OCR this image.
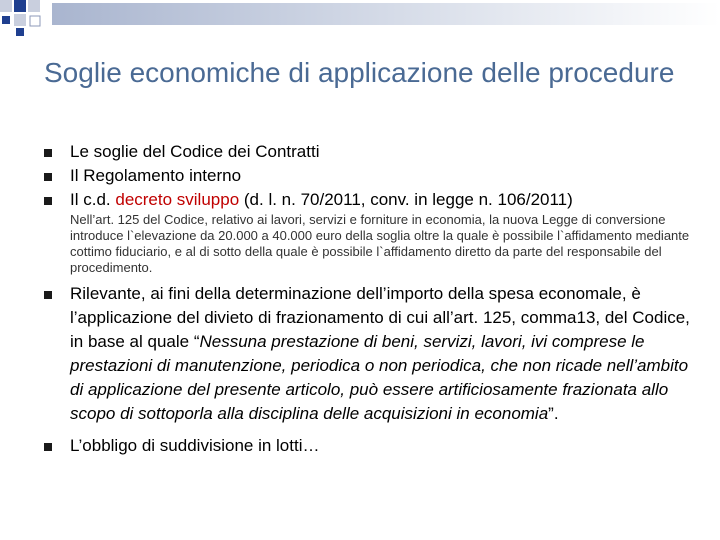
Soglie economiche di applicazione delle procedure
Le soglie del Codice dei Contratti
Il Regolamento interno
Il c.d. decreto sviluppo (d. l. n. 70/2011, conv. in legge n. 106/2011)
Nell’art. 125 del Codice, relativo ai lavori, servizi e forniture in economia, la nuova Legge di conversione introduce l`elevazione da 20.000 a 40.000 euro della soglia oltre la quale è possibile l`affidamento mediante cottimo fiduciario, e al di sotto della quale è possibile l`affidamento diretto da parte del responsabile del procedimento.
Rilevante, ai fini della determinazione dell’importo della spesa economale, è l’applicazione del divieto di frazionamento di cui all’art. 125, comma13, del Codice, in base al quale “Nessuna prestazione di beni, servizi, lavori, ivi comprese le prestazioni di manutenzione, periodica o non periodica, che non ricade nell’ambito di applicazione del presente articolo, può essere artificiosamente frazionata allo scopo di sottoporla alla disciplina delle acquisizioni in economia”.
L’obbligo di suddivisione in lotti…
